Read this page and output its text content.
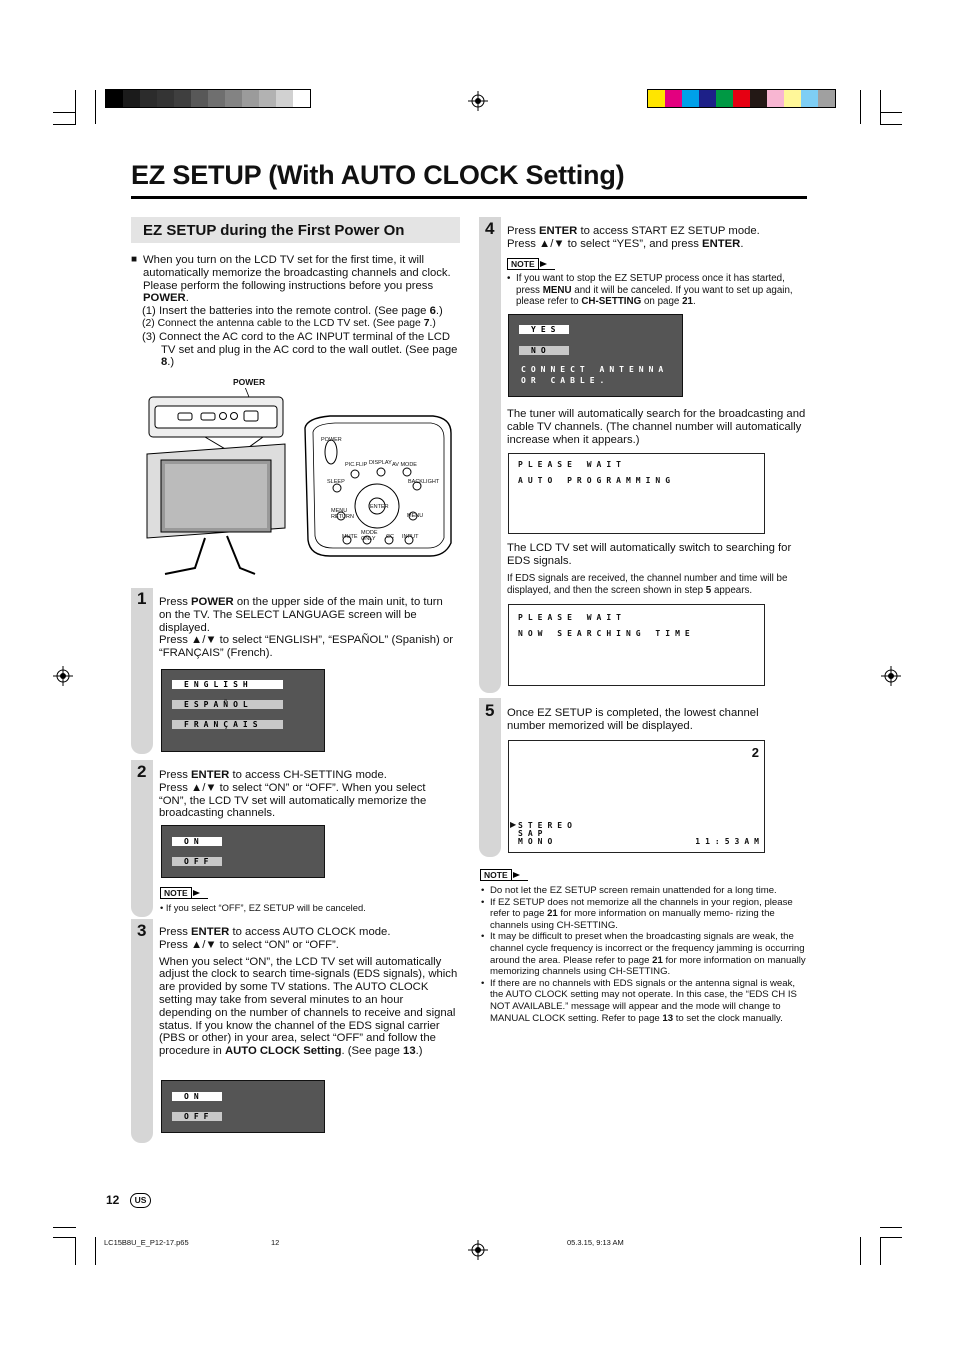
EZ SETUP (With AUTO CLOCK Setting)
EZ SETUP during the First Power On
■ When you turn on the LCD TV set for the first time, it will automatically memorize the broadcasting channels and clock.
Please perform the following instructions before you press POWER.
(1) Insert the batteries into the remote control. (See page 6.)
(2) Connect the antenna cable to the LCD TV set. (See page 7.)
(3) Connect the AC cord to the AC INPUT terminal of the LCD TV set and plug in the AC cord to the wall outlet. (See page 8.)
POWER
POWER
PIC.FLIP DISPLAY AV MODE
SLEEP	BACKLIGHT
MENU RETURN
ENTER
MENU
MUTE
MODE ONLY CC INPUT
1 Press POWER on the upper side of the main unit, to turn on the TV. The SELECT LANGUAGE screen will be displayed.
Press ▲/▼ to select “ENGLISH”, “ESPAÑOL” (Spanish) or “FRANÇAIS” (French).
ENGLISH
ESPAÑOL
FRANÇAIS
2 Press ENTER to access CH-SETTING mode.
Press ▲/▼ to select “ON” or “OFF”. When you select “ON”, the LCD TV set will automatically memorize the broadcasting channels.
ON
OFF
NOTE
• If you select “OFF”, EZ SETUP will be canceled.
3 Press ENTER to access AUTO CLOCK mode.
Press ▲/▼ to select “ON” or “OFF”.
When you select “ON”, the LCD TV set will automatically adjust the clock to search time-signals (EDS signals), which are provided by some TV stations. The AUTO CLOCK setting may take from several minutes to an hour depending on the number of channels to receive and signal status. If you know the channel of the EDS signal carrier (PBS or other) in your area, select “OFF” and follow the procedure in AUTO CLOCK Setting. (See page 13.)
ON
OFF
4 Press ENTER to access START EZ SETUP mode.
Press ▲/▼ to select “YES”, and press ENTER.
NOTE
• If you want to stop the EZ SETUP process once it has started, press MENU and it will be canceled. If you want to set up again, please refer to CH-SETTING on page 21.
YES
NO
CONNECT ANTENNA
OR CABLE.
The tuner will automatically search for the broadcasting and cable TV channels. (The channel number will automatically increase when it appears.)
PLEASE WAIT
AUTO PROGRAMMING
The LCD TV set will automatically switch to searching for EDS signals.
If EDS signals are received, the channel number and time will be displayed, and then the screen shown in step 5 appears.
PLEASE WAIT
NOW SEARCHING TIME
5 Once EZ SETUP is completed, the lowest channel number memorized will be displayed.
2
▶ STEREO
SAP
MONO	11:53AM
NOTE
• Do not let the EZ SETUP screen remain unattended for a long time.
• If EZ SETUP does not memorize all the channels in your region, please refer to page 21 for more information on manually memo- rizing the channels using CH-SETTING.
• It may be difficult to preset when the broadcasting signals are weak, the channel cycle frequency is incorrect or the frequency jamming is occurring around the area. Please refer to page 21 for more information on manually memorizing channels using CH-SETTING.
• If there are no channels with EDS signals or the antenna signal is weak, the AUTO CLOCK setting may not operate. In this case, the “EDS CH IS NOT AVAILABLE.” message will appear and the mode will change to MANUAL CLOCK setting. Refer to page 13 to set the clock manually.
12	US
LC15B8U_E_P12-17.p65	12	05.3.15, 9:13 AM
